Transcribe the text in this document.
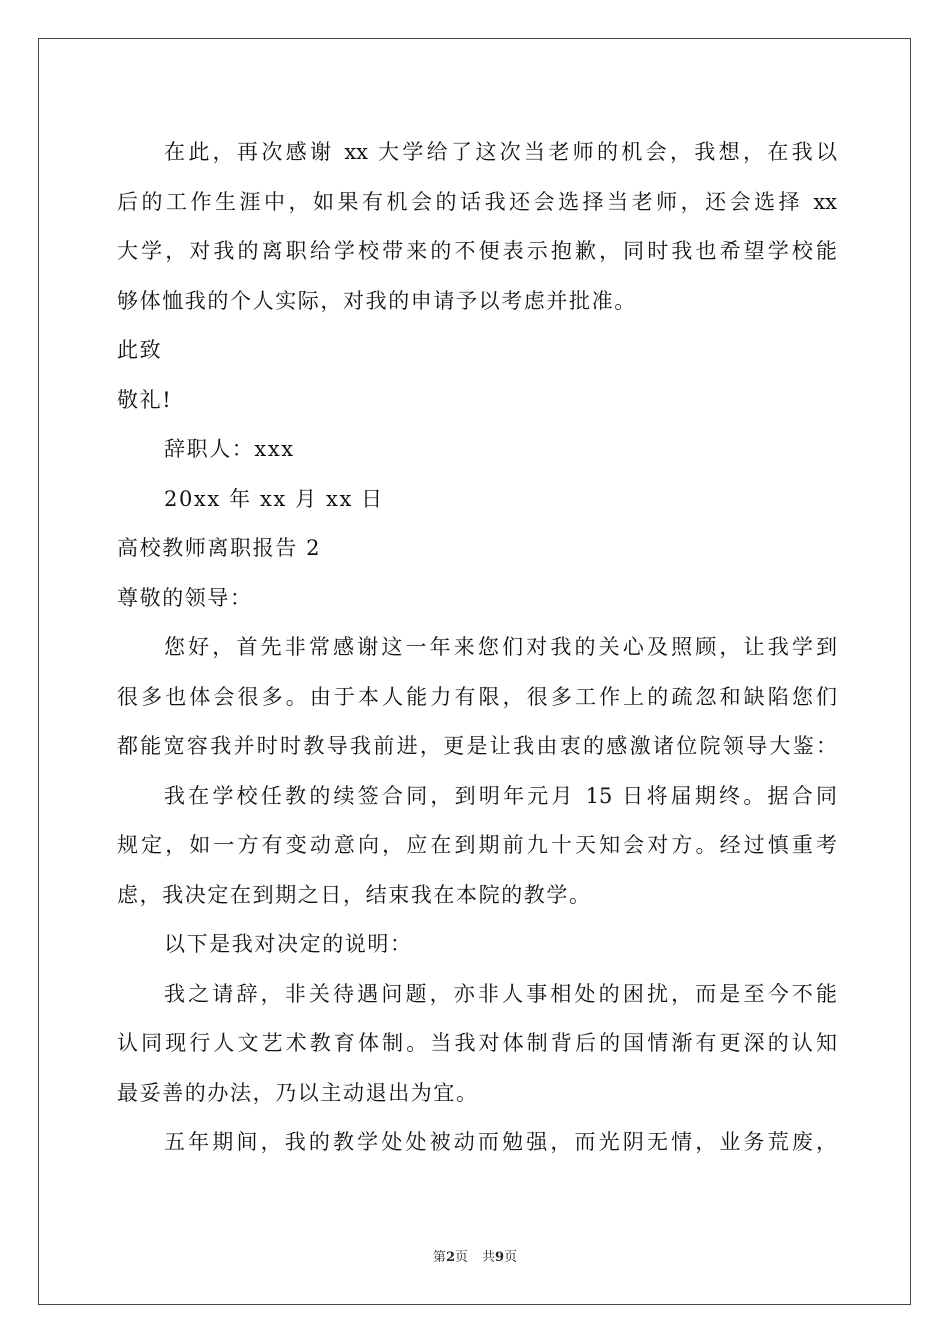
在此，再次感谢 xx 大学给了这次当老师的机会，我想，在我以
后的工作生涯中，如果有机会的话我还会选择当老师，还会选择 xx
大学，对我的离职给学校带来的不便表示抱歉，同时我也希望学校能
够体恤我的个人实际，对我的申请予以考虑并批准。
此致
敬礼!
辞职人：xxx
20xx 年 xx 月 xx 日
高校教师离职报告 2
尊敬的领导：
您好，首先非常感谢这一年来您们对我的关心及照顾，让我学到
很多也体会很多。由于本人能力有限，很多工作上的疏忽和缺陷您们
都能宽容我并时时教导我前进，更是让我由衷的感激诸位院领导大鉴：
我在学校任教的续签合同，到明年元月 15 日将届期终。据合同
规定，如一方有变动意向，应在到期前九十天知会对方。经过慎重考
虑，我决定在到期之日，结束我在本院的教学。
以下是我对决定的说明：
我之请辞，非关待遇问题，亦非人事相处的困扰，而是至今不能
认同现行人文艺术教育体制。当我对体制背后的国情渐有更深的认知
最妥善的办法，乃以主动退出为宜。
五年期间，我的教学处处被动而勉强，而光阴无情，业务荒废，
第2页 共9页
